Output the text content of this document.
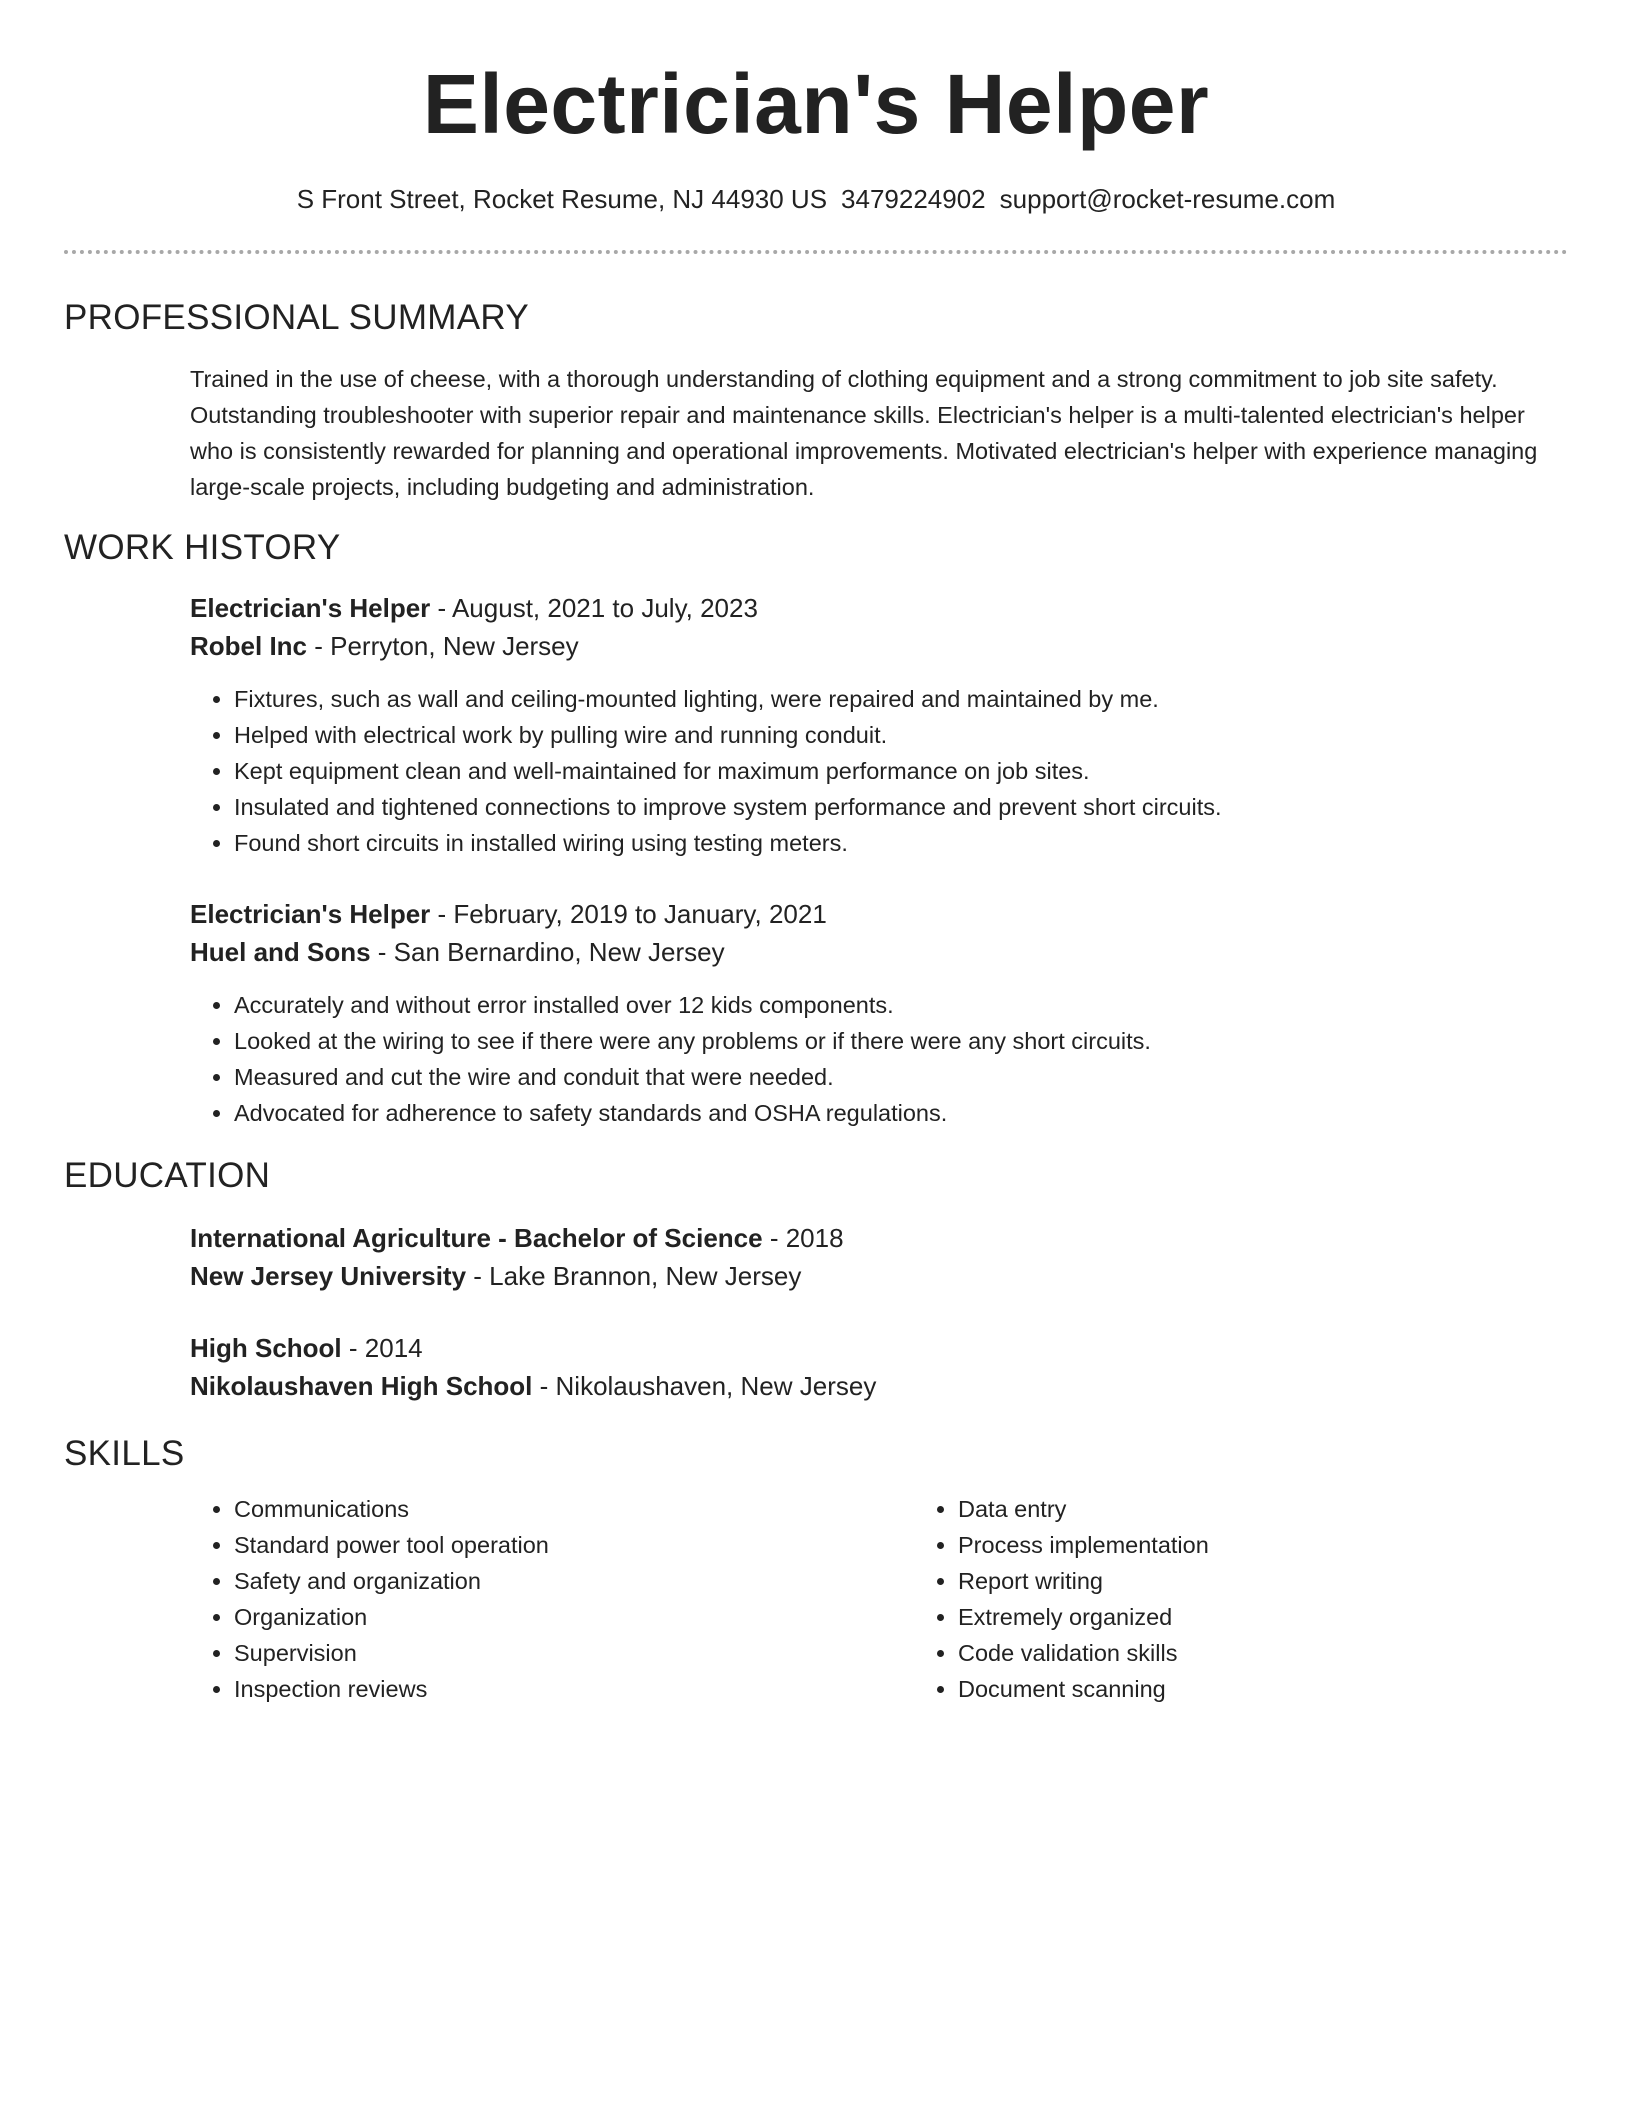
Electrician's Helper
S Front Street, Rocket Resume, NJ 44930 US 3479224902 support@rocket-resume.com
PROFESSIONAL SUMMARY

Trained in the use of cheese, with a thorough understanding of clothing equipment and a strong commitment to job site safety. Outstanding troubleshooter with superior repair and maintenance skills. Electrician's helper is a multi-talented electrician's helper who is consistently rewarded for planning and operational improvements. Motivated electrician's helper with experience managing large-scale projects, including budgeting and administration.

WORK HISTORY
Electrician's Helper - August, 2021 to July, 2023
Robel Inc - Perryton, New Jersey
• Fixtures, such as wall and ceiling-mounted lighting, were repaired and maintained by me.
• Helped with electrical work by pulling wire and running conduit.
• Kept equipment clean and well-maintained for maximum performance on job sites.
• Insulated and tightened connections to improve system performance and prevent short circuits.
• Found short circuits in installed wiring using testing meters.
Electrician's Helper - February, 2019 to January, 2021
Huel and Sons - San Bernardino, New Jersey
• Accurately and without error installed over 12 kids components.
• Looked at the wiring to see if there were any problems or if there were any short circuits.
• Measured and cut the wire and conduit that were needed.
• Advocated for adherence to safety standards and OSHA regulations.
EDUCATION
International Agriculture - Bachelor of Science - 2018
New Jersey University - Lake Brannon, New Jersey
High School - 2014
Nikolaushaven High School - Nikolaushaven, New Jersey
SKILLS
• Communications
• Standard power tool operation
• Safety and organization
• Organization
• Supervision
• Inspection reviews
• Data entry
• Process implementation
• Report writing
• Extremely organized
• Code validation skills
• Document scanning
